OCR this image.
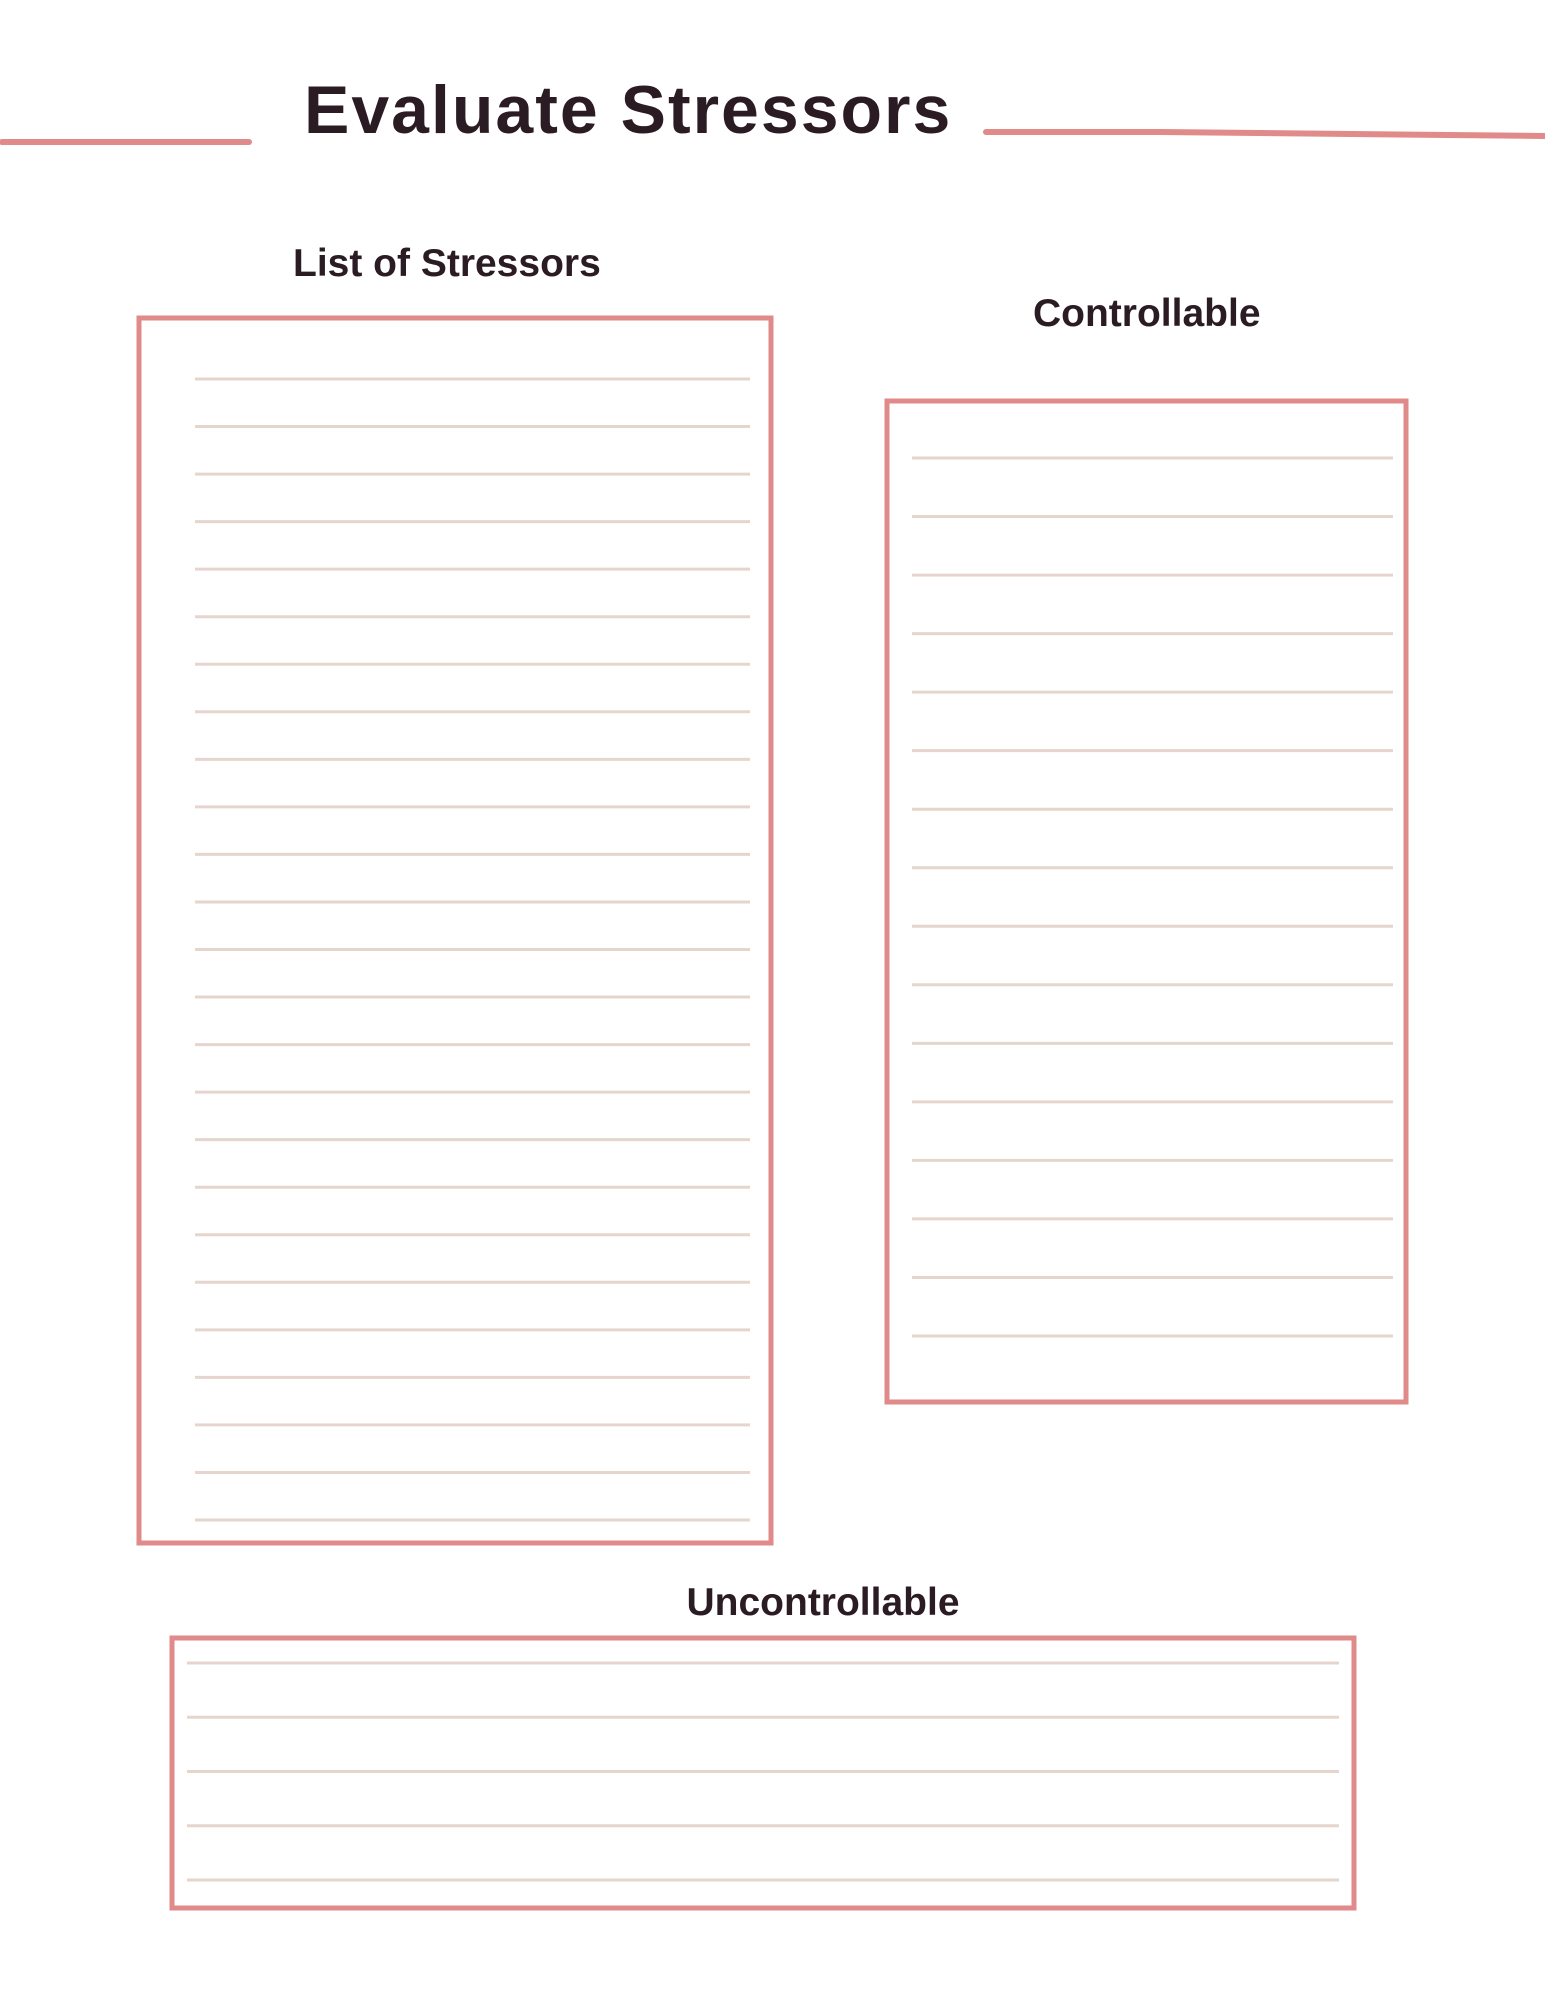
Evaluate Stressors
List of Stressors
Controllable
Uncontrollable
